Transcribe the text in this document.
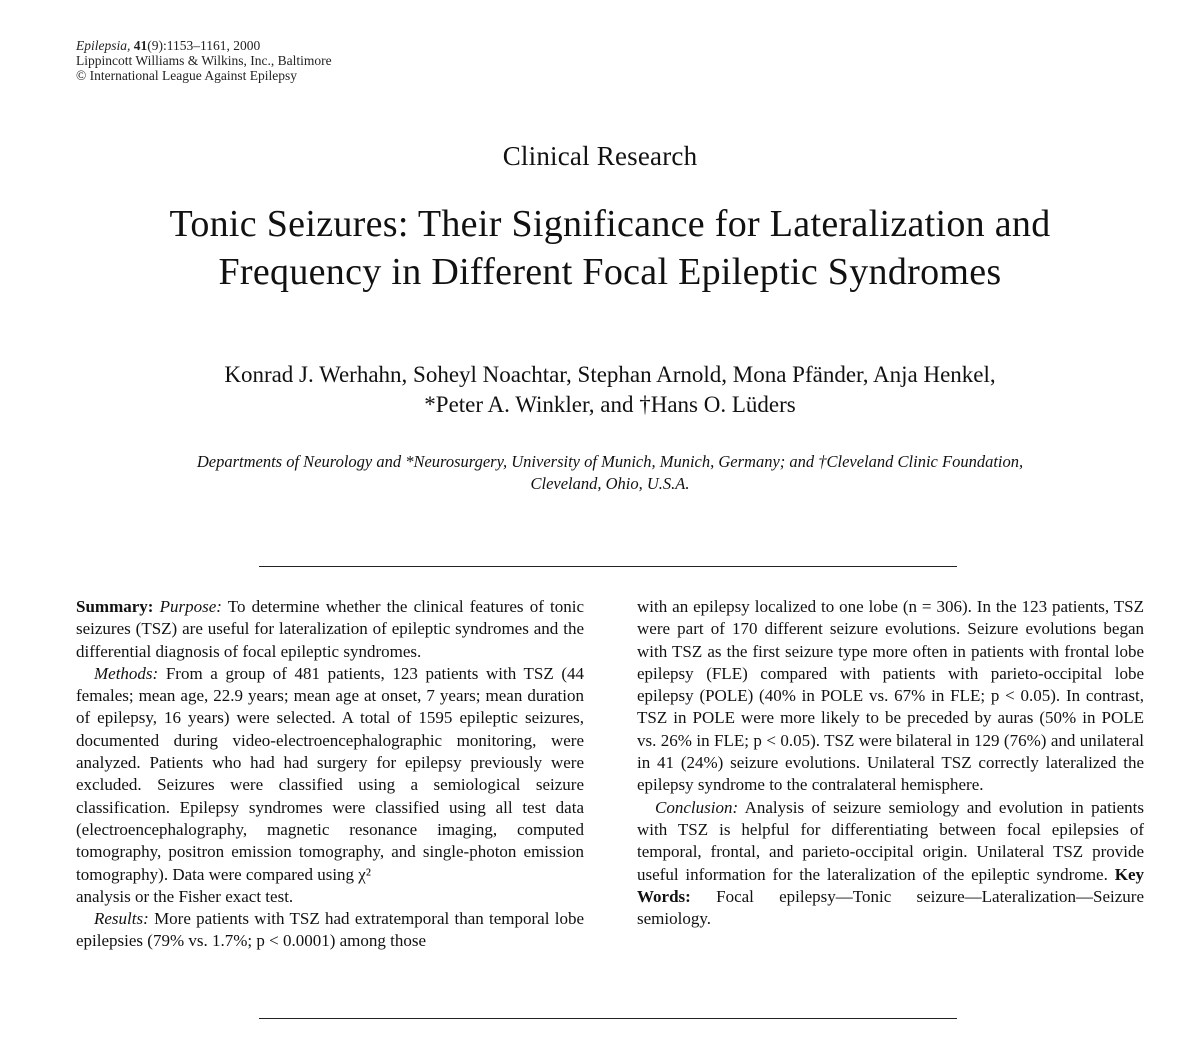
Epilepsia, 41(9):1153–1161, 2000
Lippincott Williams & Wilkins, Inc., Baltimore
© International League Against Epilepsy
Clinical Research
Tonic Seizures: Their Significance for Lateralization and
Frequency in Different Focal Epileptic Syndromes
Konrad J. Werhahn, Soheyl Noachtar, Stephan Arnold, Mona Pfänder, Anja Henkel,
*Peter A. Winkler, and †Hans O. Lüders
Departments of Neurology and *Neurosurgery, University of Munich, Munich, Germany; and †Cleveland Clinic Foundation,
Cleveland, Ohio, U.S.A.

Summary: Purpose: To determine whether the clinical features of tonic seizures (TSZ) are useful for lateralization of epileptic syndromes and the differential diagnosis of focal epileptic syndromes.

Methods: From a group of 481 patients, 123 patients with TSZ (44 females; mean age, 22.9 years; mean age at onset, 7 years; mean duration of epilepsy, 16 years) were selected. A total of 1595 epileptic seizures, documented during video-electroencephalographic monitoring, were analyzed. Patients who had had surgery for epilepsy previously were excluded. Seizures were classified using a semiological seizure classification. Epilepsy syndromes were classified using all test data (electroencephalography, magnetic resonance imaging, computed tomography, positron emission tomography, and single-photon emission tomography). Data were compared using χ²

analysis or the Fisher exact test.

Results: More patients with TSZ had extratemporal than temporal lobe epilepsies (79% vs. 1.7%; p < 0.0001) among those

with an epilepsy localized to one lobe (n = 306). In the 123 patients, TSZ were part of 170 different seizure evolutions. Seizure evolutions began with TSZ as the first seizure type more often in patients with frontal lobe epilepsy (FLE) compared with patients with parieto-occipital lobe epilepsy (POLE) (40% in POLE vs. 67% in FLE; p < 0.05). In contrast, TSZ in POLE were more likely to be preceded by auras (50% in POLE vs. 26% in FLE; p < 0.05). TSZ were bilateral in 129 (76%) and unilateral in 41 (24%) seizure evolutions. Unilateral TSZ correctly lateralized the epilepsy syndrome to the contralateral hemisphere.

Conclusion: Analysis of seizure semiology and evolution in patients with TSZ is helpful for differentiating between focal epilepsies of temporal, frontal, and parieto-occipital origin. Unilateral TSZ provide useful information for the lateralization of the epileptic syndrome. Key Words: Focal epilepsy—Tonic seizure—Lateralization—Seizure semiology.
